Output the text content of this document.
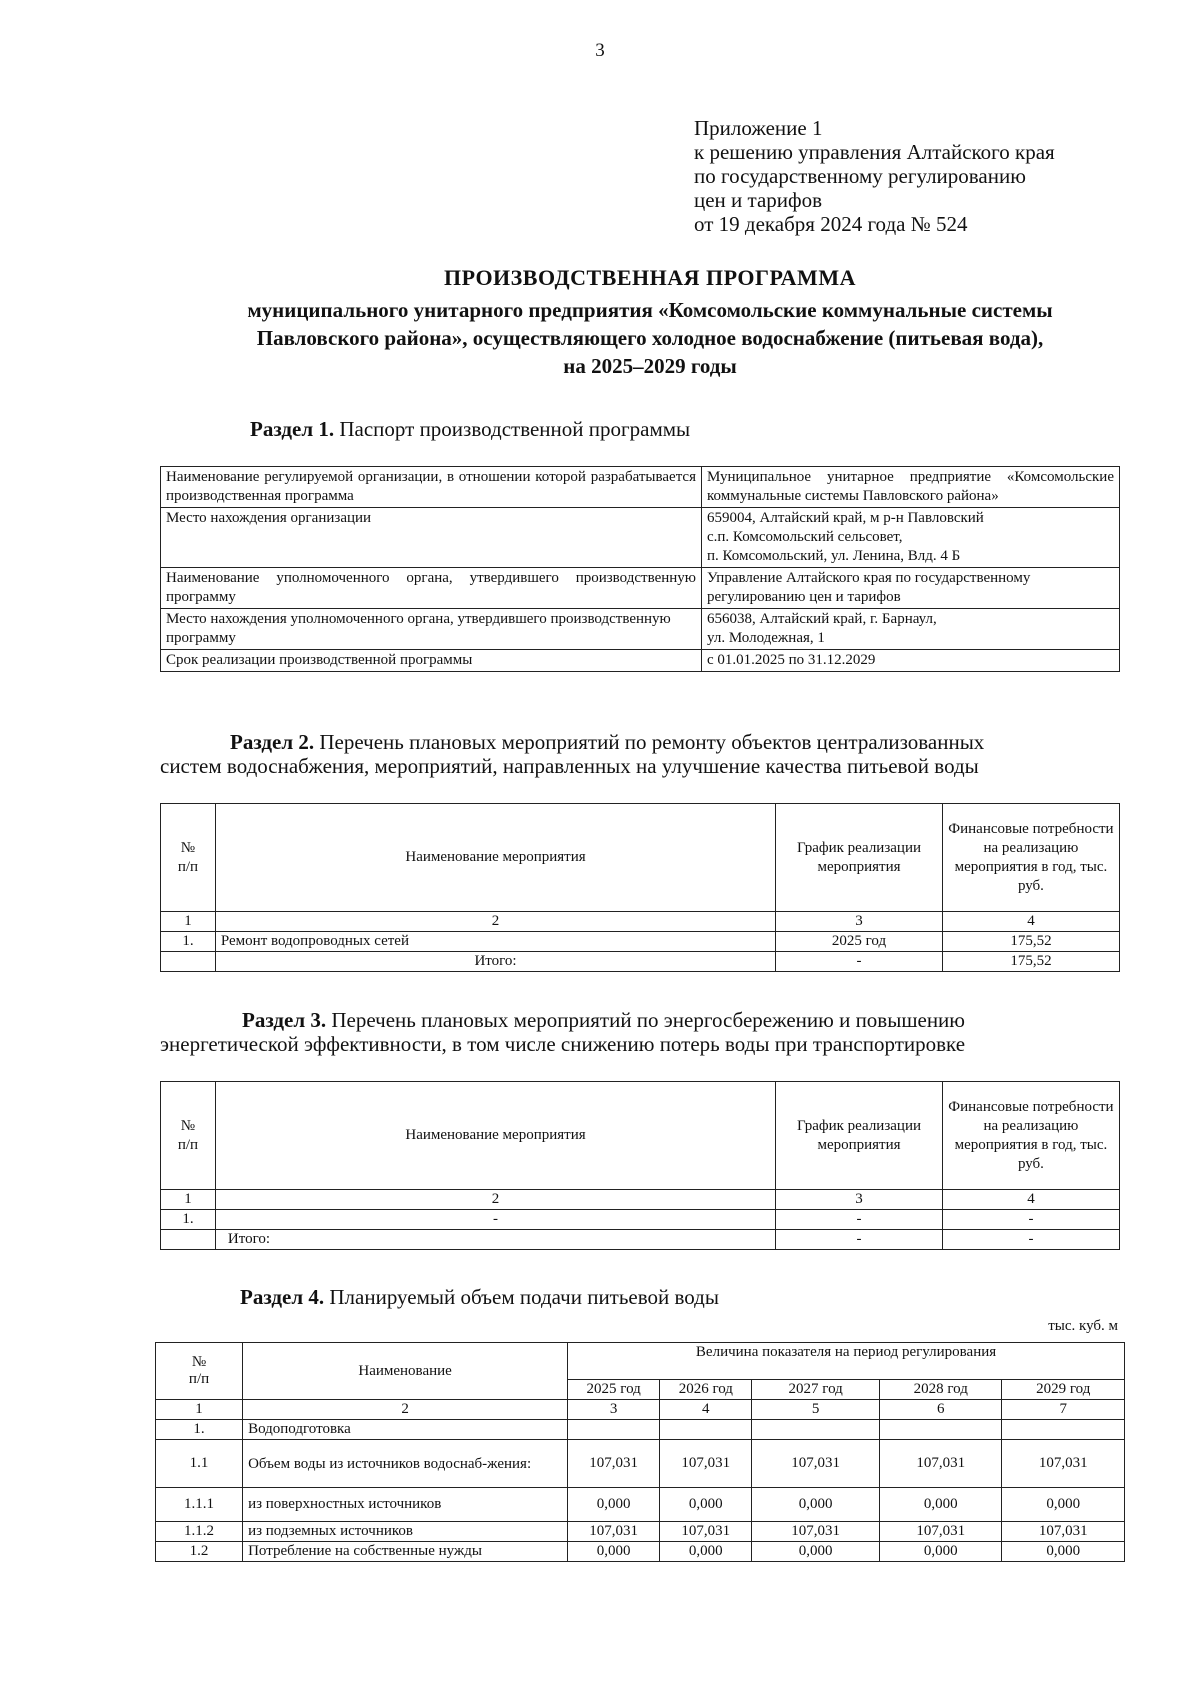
3
Приложение 1
к решению управления Алтайского края
по государственному регулированию
цен и тарифов
от 19 декабря 2024 года № 524
ПРОИЗВОДСТВЕННАЯ ПРОГРАММА
муниципального унитарного предприятия «Комсомольские коммунальные системы
Павловского района», осуществляющего холодное водоснабжение (питьевая вода),
на 2025–2029 годы
Раздел 1. Паспорт производственной программы
Наименование регулируемой организации, в отношении которой разрабатывается производственная программа	Муниципальное унитарное предприятие «Комсомольские коммунальные системы Павловского района»
Место нахождения организации	659004, Алтайский край, м р-н Павловский
с.п. Комсомольский сельсовет,
п. Комсомольский, ул. Ленина, Влд. 4 Б

Наименование уполномоченного органа, утвердившего производственную программу	Управление Алтайского края по государственному регулированию цен и тарифов
Место нахождения уполномоченного органа, утвердившего производственную программу	656038, Алтайский край, г. Барнаул,
ул. Молодежная, 1

Срок реализации производственной программы	с 01.01.2025 по 31.12.2029
Раздел 2. Перечень плановых мероприятий по ремонту объектов централизованных
систем водоснабжения, мероприятий, направленных на улучшение качества питьевой воды
№
п/п	Наименование мероприятия	График реализации мероприятия	Финансовые потребности на реализацию мероприятия в год, тыс. руб.
1	2	3	4
1.	Ремонт водопроводных сетей	2025 год	175,52
	Итого:	-	175,52
Раздел 3. Перечень плановых мероприятий по энергосбережению и повышению
энергетической эффективности, в том числе снижению потерь воды при транспортировке
№
п/п	Наименование мероприятия	График реализации мероприятия	Финансовые потребности на реализацию мероприятия в год, тыс. руб.
1	2	3	4
1.	-	-	-
	Итого:	-	-
Раздел 4. Планируемый объем подачи питьевой воды
тыс. куб. м
№
п/п	Наименование	Величина показателя на период регулирования				
		2025 год	2026 год	2027 год	2028 год	2029 год
1	2	3	4	5	6	7
1.	Водоподготовка					
1.1	Объем воды из источников водоснаб-жения:	107,031	107,031	107,031	107,031	107,031
1.1.1	из поверхностных источников	0,000	0,000	0,000	0,000	0,000
1.1.2	из подземных источников	107,031	107,031	107,031	107,031	107,031
1.2	Потребление на собственные нужды	0,000	0,000	0,000	0,000	0,000
